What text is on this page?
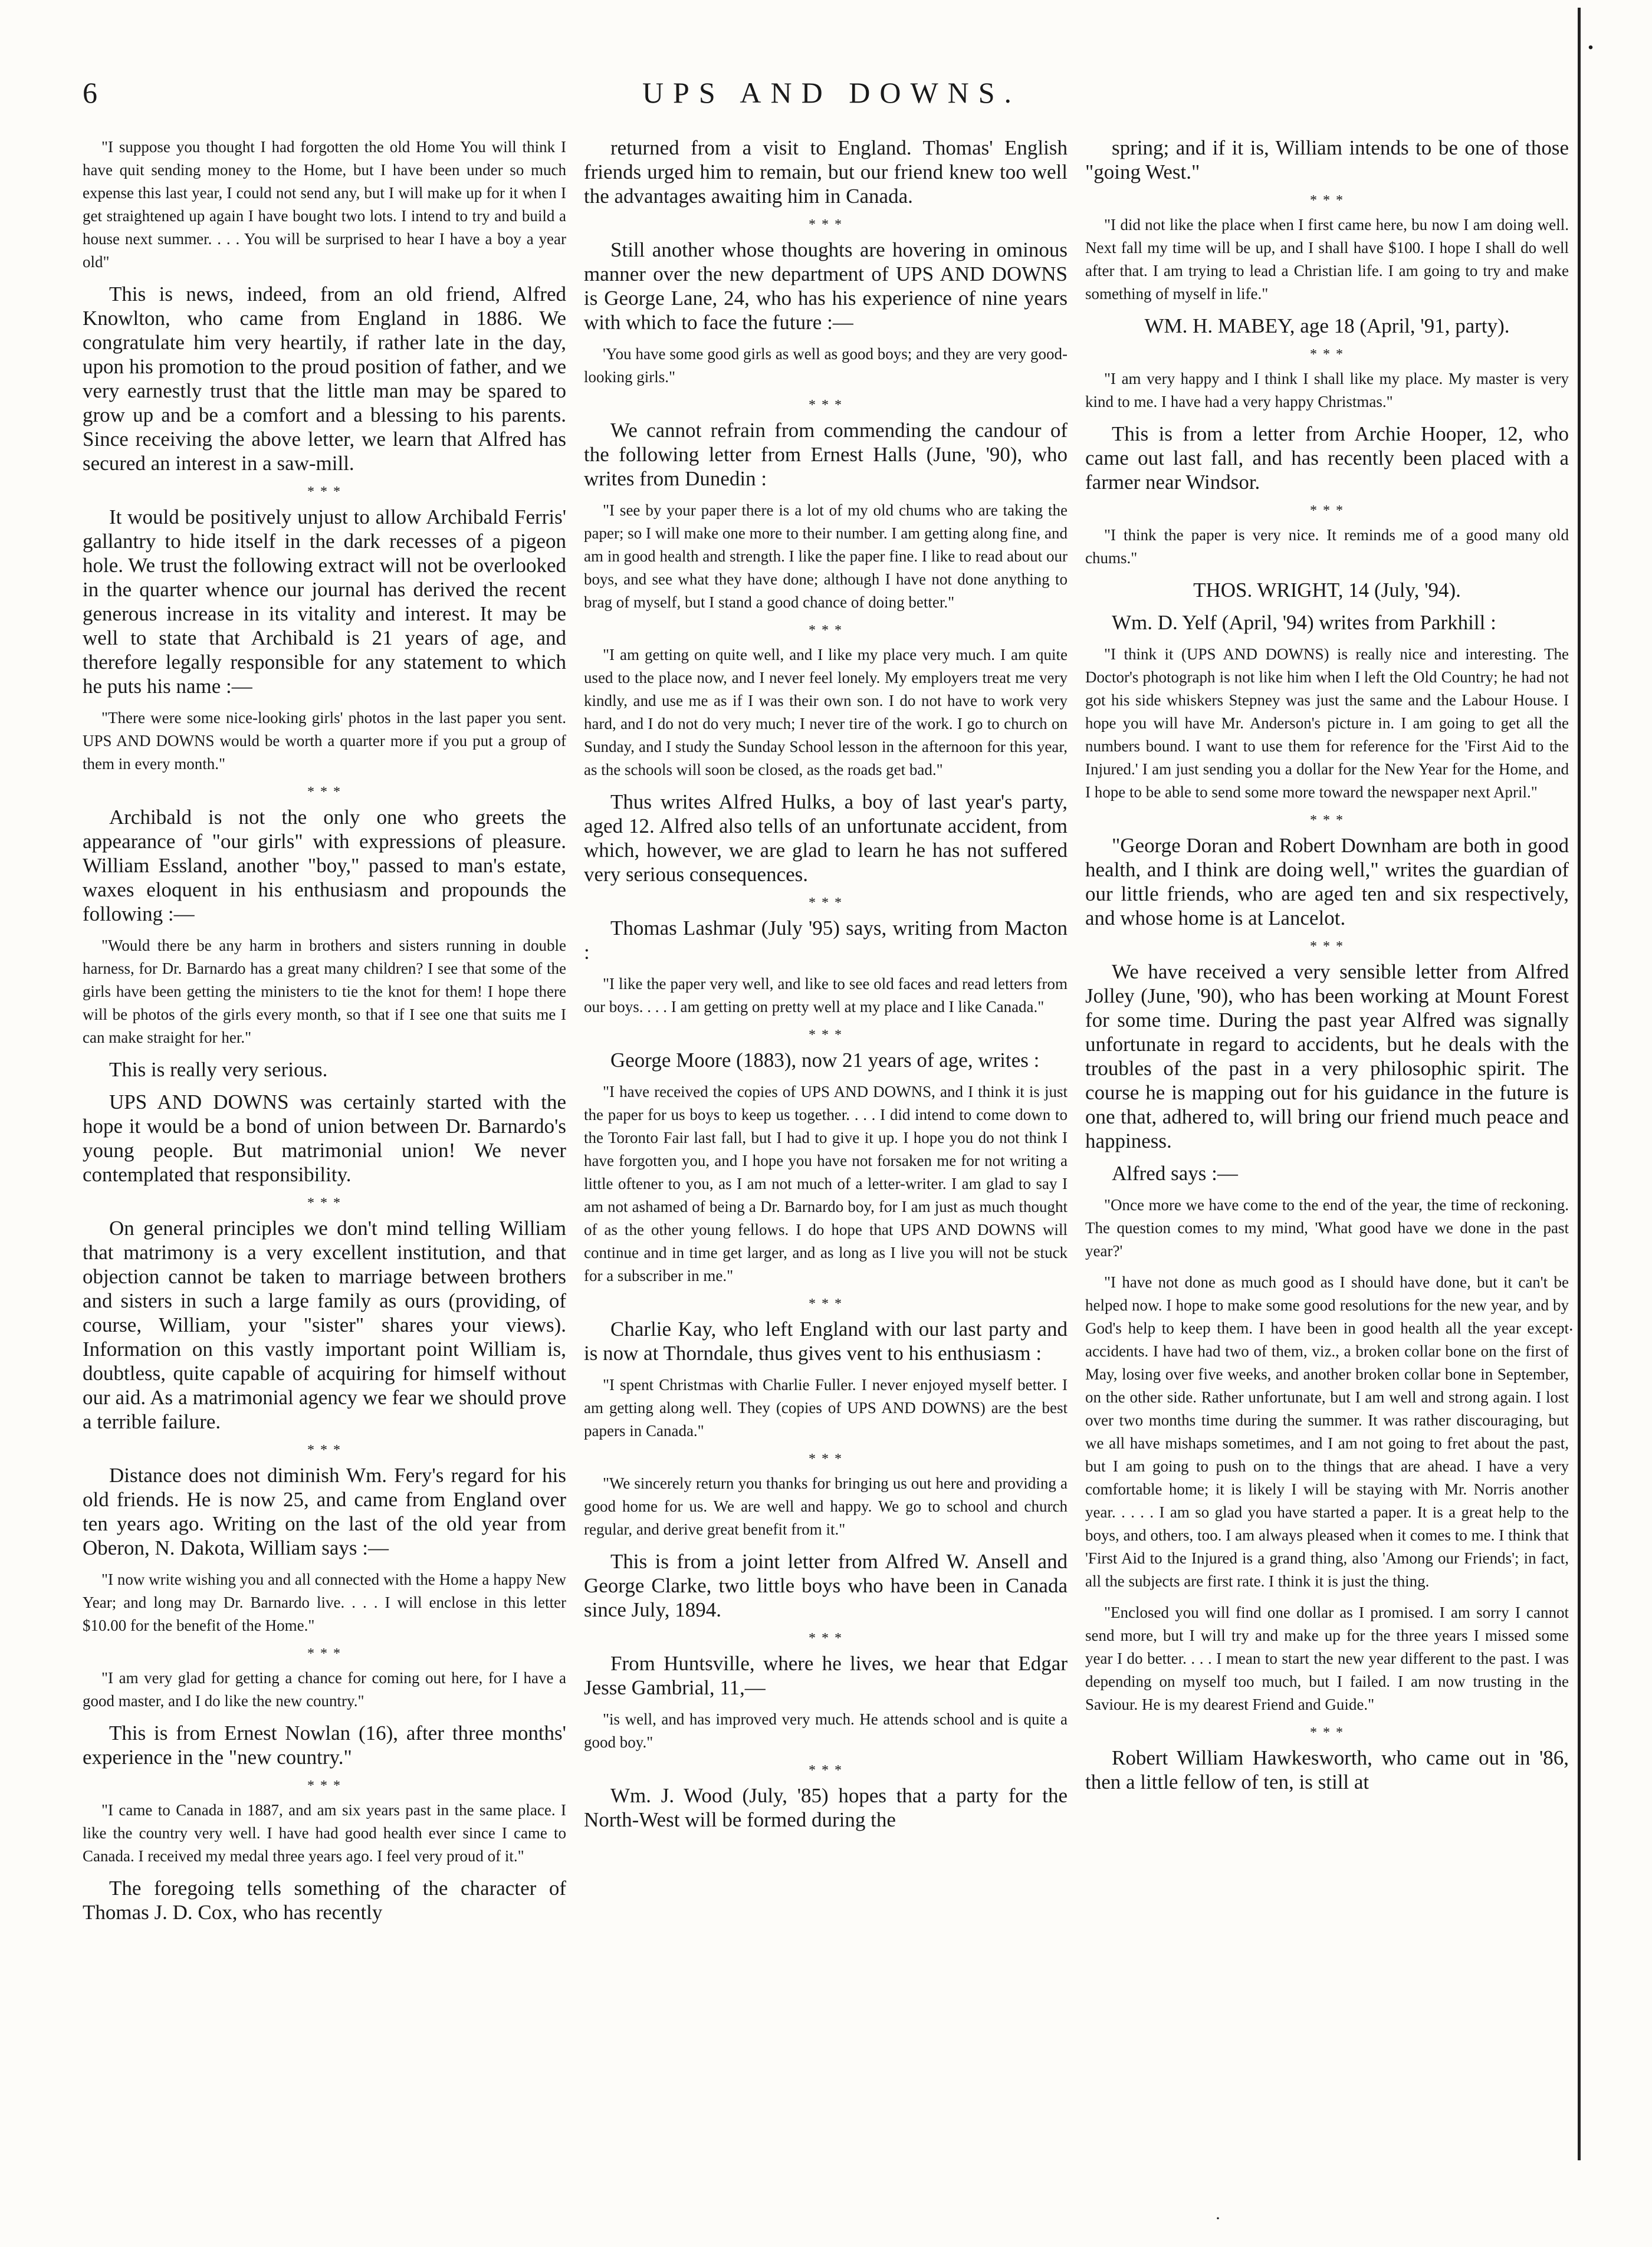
6	UPS AND DOWNS.
.
"I suppose you thought I had forgotten the old Home You will think I have quit sending money to the Home, but I have been under so much expense this last year, I could not send any, but I will make up for it when I get straightened up again I have bought two lots. I intend to try and build a house next summer. . . . You will be surprised to hear I have a boy a year old"
This is news, indeed, from an old friend, Alfred Knowlton, who came from England in 1886. We congratulate him very heartily, if rather late in the day, upon his promotion to the proud position of father, and we very earnestly trust that the little man may be spared to grow up and be a comfort and a blessing to his parents. Since receiving the above letter, we learn that Alfred has secured an interest in a saw-mill.
* * *
It would be positively unjust to allow Archibald Ferris' gallantry to hide itself in the dark recesses of a pigeon hole. We trust the following extract will not be overlooked in the quarter whence our journal has derived the recent generous increase in its vitality and interest. It may be well to state that Archibald is 21 years of age, and therefore legally responsible for any statement to which he puts his name :—
"There were some nice-looking girls' photos in the last paper you sent. UPS AND DOWNS would be worth a quarter more if you put a group of them in every month."
* * *
Archibald is not the only one who greets the appearance of "our girls" with expressions of pleasure. William Essland, another "boy," passed to man's estate, waxes eloquent in his enthusiasm and propounds the following :—
"Would there be any harm in brothers and sisters running in double harness, for Dr. Barnardo has a great many children? I see that some of the girls have been getting the ministers to tie the knot for them! I hope there will be photos of the girls every month, so that if I see one that suits me I can make straight for her."
This is really very serious.
UPS AND DOWNS was certainly started with the hope it would be a bond of union between Dr. Barnardo's young people. But matrimonial union! We never contemplated that responsibility.
* * *
On general principles we don't mind telling William that matrimony is a very excellent institution, and that objection cannot be taken to marriage between brothers and sisters in such a large family as ours (providing, of course, William, your "sister" shares your views). Information on this vastly important point William is, doubtless, quite capable of acquiring for himself without our aid. As a matrimonial agency we fear we should prove a terrible failure.
* * *
Distance does not diminish Wm. Fery's regard for his old friends. He is now 25, and came from England over ten years ago. Writing on the last of the old year from Oberon, N. Dakota, William says :—
"I now write wishing you and all connected with the Home a happy New Year; and long may Dr. Barnardo live. . . . I will enclose in this letter $10.00 for the benefit of the Home."
* * *
"I am very glad for getting a chance for coming out here, for I have a good master, and I do like the new country."
This is from Ernest Nowlan (16), after three months' experience in the "new country."
* * *
"I came to Canada in 1887, and am six years past in the same place. I like the country very well. I have had good health ever since I came to Canada. I received my medal three years ago. I feel very proud of it."
The foregoing tells something of the character of Thomas J. D. Cox, who has recently
returned from a visit to England. Thomas' English friends urged him to remain, but our friend knew too well the advantages awaiting him in Canada.
* * *
Still another whose thoughts are hovering in ominous manner over the new department of UPS AND DOWNS is George Lane, 24, who has his experience of nine years with which to face the future :—
'You have some good girls as well as good boys; and they are very good-looking girls."
* * *
We cannot refrain from commending the candour of the following letter from Ernest Halls (June, '90), who writes from Dunedin :
"I see by your paper there is a lot of my old chums who are taking the paper; so I will make one more to their number. I am getting along fine, and am in good health and strength. I like the paper fine. I like to read about our boys, and see what they have done; although I have not done anything to brag of myself, but I stand a good chance of doing better."
* * *
"I am getting on quite well, and I like my place very much. I am quite used to the place now, and I never feel lonely. My employers treat me very kindly, and use me as if I was their own son. I do not have to work very hard, and I do not do very much; I never tire of the work. I go to church on Sunday, and I study the Sunday School lesson in the afternoon for this year, as the schools will soon be closed, as the roads get bad."
Thus writes Alfred Hulks, a boy of last year's party, aged 12. Alfred also tells of an unfortunate accident, from which, however, we are glad to learn he has not suffered very serious consequences.
* * *
Thomas Lashmar (July '95) says, writing from Macton :
"I like the paper very well, and like to see old faces and read letters from our boys. . . . I am getting on pretty well at my place and I like Canada."
* * *
George Moore (1883), now 21 years of age, writes :
"I have received the copies of UPS AND DOWNS, and I think it is just the paper for us boys to keep us together. . . . I did intend to come down to the Toronto Fair last fall, but I had to give it up. I hope you do not think I have forgotten you, and I hope you have not forsaken me for not writing a little oftener to you, as I am not much of a letter-writer. I am glad to say I am not ashamed of being a Dr. Barnardo boy, for I am just as much thought of as the other young fellows. I do hope that UPS AND DOWNS will continue and in time get larger, and as long as I live you will not be stuck for a subscriber in me."
* * *
Charlie Kay, who left England with our last party and is now at Thorndale, thus gives vent to his enthusiasm :
"I spent Christmas with Charlie Fuller. I never enjoyed myself better. I am getting along well. They (copies of UPS AND DOWNS) are the best papers in Canada."
* * *
"We sincerely return you thanks for bringing us out here and providing a good home for us. We are well and happy. We go to school and church regular, and derive great benefit from it."
This is from a joint letter from Alfred W. Ansell and George Clarke, two little boys who have been in Canada since July, 1894.
* * *
From Huntsville, where he lives, we hear that Edgar Jesse Gambrial, 11,—
"is well, and has improved very much. He attends school and is quite a good boy."
* * *
Wm. J. Wood (July, '85) hopes that a party for the North-West will be formed during the
spring; and if it is, William intends to be one of those "going West."
* * *
"I did not like the place when I first came here, bu now I am doing well. Next fall my time will be up, and I shall have $100. I hope I shall do well after that. I am trying to lead a Christian life. I am going to try and make something of myself in life."
WM. H. MABEY, age 18 (April, '91, party).
* * *
"I am very happy and I think I shall like my place. My master is very kind to me. I have had a very happy Christmas."
This is from a letter from Archie Hooper, 12, who came out last fall, and has recently been placed with a farmer near Windsor.
* * *
"I think the paper is very nice. It reminds me of a good many old chums."
THOS. WRIGHT, 14 (July, '94).
Wm. D. Yelf (April, '94) writes from Parkhill :
"I think it (UPS AND DOWNS) is really nice and interesting. The Doctor's photograph is not like him when I left the Old Country; he had not got his side whiskers Stepney was just the same and the Labour House. I hope you will have Mr. Anderson's picture in. I am going to get all the numbers bound. I want to use them for reference for the 'First Aid to the Injured.' I am just sending you a dollar for the New Year for the Home, and I hope to be able to send some more toward the newspaper next April."
* * *
"George Doran and Robert Downham are both in good health, and I think are doing well," writes the guardian of our little friends, who are aged ten and six respectively, and whose home is at Lancelot.
* * *
We have received a very sensible letter from Alfred Jolley (June, '90), who has been working at Mount Forest for some time. During the past year Alfred was signally unfortunate in regard to accidents, but he deals with the troubles of the past in a very philosophic spirit. The course he is mapping out for his guidance in the future is one that, adhered to, will bring our friend much peace and happiness.
Alfred says :—
"Once more we have come to the end of the year, the time of reckoning. The question comes to my mind, 'What good have we done in the past year?'
"I have not done as much good as I should have done, but it can't be helped now. I hope to make some good resolutions for the new year, and by God's help to keep them. I have been in good health all the year except accidents. I have had two of them, viz., a broken collar bone on the first of May, losing over five weeks, and another broken collar bone in September, on the other side. Rather unfortunate, but I am well and strong again. I lost over two months time during the summer. It was rather discouraging, but we all have mishaps sometimes, and I am not going to fret about the past, but I am going to push on to the things that are ahead. I have a very comfortable home; it is likely I will be staying with Mr. Norris another year. . . . . I am so glad you have started a paper. It is a great help to the boys, and others, too. I am always pleased when it comes to me. I think that 'First Aid to the Injured is a grand thing, also 'Among our Friends'; in fact, all the subjects are first rate. I think it is just the thing.
"Enclosed you will find one dollar as I promised. I am sorry I cannot send more, but I will try and make up for the three years I missed some year I do better. . . . I mean to start the new year different to the past. I was depending on myself too much, but I failed. I am now trusting in the Saviour. He is my dearest Friend and Guide."
* * *
Robert William Hawkesworth, who came out in '86, then a little fellow of ten, is still at
.
·
